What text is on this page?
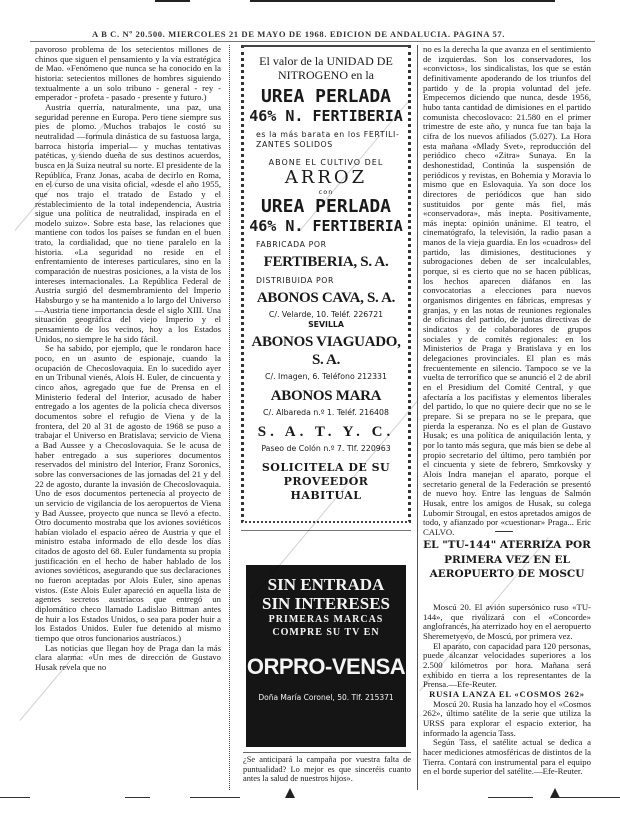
A B C. Nº 20.500. MIERCOLES 21 DE MAYO DE 1968. EDICION DE ANDALUCIA. PAGINA 57.

pavoroso problema de los setecientos millones de chinos que siguen el pensamiento y la vía estratégica de Mao. «Fenómeno que nunca se ha conocido en la historia: setecientos millones de hombres siguiendo textualmente a un solo tribuno - general - rey - emperador - profeta - pasado - presente y futuro.)

Austria querría, naturalmente, una paz, una seguridad perenne en Europa. Pero tiene siempre sus pies de plomo. Muchos trabajos le costó su neutralidad —formula dinástica de su fastuosa larga, barroca historia imperial— y muchas tentativas patéticas, y siendo dueña de sus destinos acuerdos, busca en la Suiza neutral su norte. El presidente de la República, Franz Jonas, acaba de decirlo en Roma, en el curso de una visita oficial, «desde el año 1955, que nos trajo el tratado de Estado y el restablecimiento de la total independencia, Austria sigue una política de neutralidad, inspirada en el modelo suizo». Sobre esta base, las relaciones que mantiene con todos los países se fundan en el buen trato, la cordialidad, que no tiene paralelo en la historia. «La seguridad no reside en el enfrentamiento de intereses particulares, sino en la comparación de nuestras posiciones, a la vista de los intereses internacionales. La República Federal de Austria surgió del desmembramiento del Imperio Habsburgo y se ha mantenido a lo largo del Universo —Austria tiene importancia desde el siglo XIII. Una situación geográfica del viejo Imperio y el pensamiento de los vecinos, hoy a los Estados Unidos, no siempre le ha sido fácil.

Se ha sabido, por ejemplo, que le rondaron hace poco, en un asunto de espionaje, cuando la ocupación de Checoslovaquia. En lo sucedido ayer en un Tribunal vienés, Alois H. Euler, de cincuenta y cinco años, agregado que fue de Prensa en el Ministerio federal del Interior, acusado de haber entregado a los agentes de la policía checa diversos documentos sobre el refugio de Viena y de la frontera, del 20 al 31 de agosto de 1968 se puso a trabajar el Universo en Bratislava; servicio de Viena a Bad Aussee y a Checoslovaquia. Se le acusa de haber entregado a sus superiores documentos reservados del ministro del Interior, Franz Soronics, sobre las conversaciones de las jornadas del 21 y del 22 de agosto, durante la invasión de Checoslovaquia. Uno de esos documentos pertenecía al proyecto de un servicio de vigilancia de los aeropuertos de Viena y Bad Aussee, proyecto que nunca se llevó a efecto. Otro documento mostraba que los aviones soviéticos habían violado el espacio aéreo de Austria y que el ministro estaba informado de ello desde los días citados de agosto del 68. Euler fundamenta su propia justificación en el hecho de haber hablado de los aviones soviéticos, asegurando que sus declaraciones no fueron aceptadas por Alois Euler, sino apenas vistos. (Este Alois Euler apareció en aquella lista de agentes secretos austríacos que entregó un diplomático checo llamado Ladislao Bittman antes de huir a los Estados Unidos, o sea para poder huir a los Estados Unidos. Euler fue detenido al mismo tiempo que otros funcionarios austríacos.)

Las noticias que llegan hoy de Praga dan la más clara alarma: «Un mes de dirección de Gustavo Husak revela que no

El valor de la UNIDAD DE
NITROGENO en la
UREA PERLADA
46% N. FERTIBERIA
es la más barata en los FERTILI-
ZANTES SOLIDOS
ABONE EL CULTIVO DEL
ARROZ
con
UREA PERLADA
46% N. FERTIBERIA
FABRICADA POR
FERTIBERIA, S. A.
DISTRIBUIDA POR
ABONOS CAVA, S. A.
C/. Velarde, 10. Teléf. 226721
SEVILLA
ABONOS VIAGUADO, S. A.
C/. Imagen, 6. Teléfono 212331
ABONOS MARA
C/. Albareda n.º 1. Teléf. 216408
S. A. T. Y. C.
Paseo de Colón n.º 7. Tlf. 220963
SOLICITELA DE SU PROVEEDOR HABITUAL
SIN ENTRADA
SIN INTERESES
PRIMERAS MARCAS
COMPRE SU TV EN
ORPRO-VENSA
Doña María Coronel, 50. Tlf. 215371
¿Se anticipará la campaña por vuestra falta de puntualidad? Lo mejor es que sinceréis cuanto antes la salud de nuestros hijos».

no es la derecha la que avanza en el sentimiento de izquierdas. Son los conservadores, los «convictos», los sindicalistas, los que se están definitivamente apoderando de los triunfos del partido y de la propia voluntad del jefe. Empecemos diciendo que nunca, desde 1956, hubo tanta cantidad de dimisiones en el partido comunista checoslovaco: 21.580 en el primer trimestre de este año, y nunca fue tan baja la cifra de los nuevos afiliados (5.027). La Hora esta mañana «Mlady Svet», reproducción del periódico checo «Zitra» Sunaya. En la deshonestidad, Continúa la suspensión de periódicos y revistas, en Bohemia y Moravia lo mismo que en Eslovaquia. Ya son doce los directores de periódicos que han sido sustituidos por gente más fiel, más «conservadora», más inepta. Positivamente, más inepta: opinión unánime. El teatro, el cinematógrafo, la televisión, la radio pasan a manos de la vieja guardia. En los «cuadros» del partido, las dimisiones, destituciones y subrogaciones deben de ser incalculables, porque, si es cierto que no se hacen públicas, los hechos aparecen diáfanos en las convocatorias a elecciones para nuevos organismos dirigentes en fábricas, empresas y granjas, y en las notas de reuniones regionales de oficinas del partido, de juntas directivas de sindicatos y de colaboradores de grupos sociales y de comités regionales: en los Ministerios de Praga y Bratislava y en los delegaciones provinciales. El plan es más frecuentemente en silencio. Tampoco se ve la vuelta de terrorífico que se anunció el 2 de abril en el Presidium del Comité Central, y que afectaría a los pacifistas y elementos liberales del partido, lo que no quiere decir que no se le prepare. Si se prepara no se le prepara, que pierda la esperanza. No es el plan de Gustavo Husak; es una política de aniquilación lenta, y por lo tanto más segura, que más bien se debe al propio secretario del último, pero también por el cincuenta y siete de febrero, Smrkovsky y Alois Indra manejan el aparato, porque el secretario general de la Federación se presentó de nuevo hoy. Entre las lenguas de Salmón Husak, entre los amigos de Husak, su colega Lubomir Strougal, en estos apretados amigos de todo, y afianzado por «cuestionar» Praga... Eric CALVO.

EL "TU-144" ATERRIZA POR PRIMERA VEZ EN EL AEROPUERTO DE MOSCU

Moscú 20. El avión supersónico ruso «TU-144», que rivalizará con el «Concorde» anglofrancés, ha aterrizado hoy en el aeropuerto Sheremetyevo, de Moscú, por primera vez.

El aparato, con capacidad para 120 personas, puede alcanzar velocidades superiores a los 2.500 kilómetros por hora. Mañana será exhibido en tierra a los representantes de la Prensa.—Efe-Reuter.

RUSIA LANZA EL «COSMOS 262»

Moscú 20. Rusia ha lanzado hoy el «Cosmos 262», último satélite de la serie que utiliza la URSS para explorar el espacio exterior, ha informado la agencia Tass.

Según Tass, el satélite actual se dedica a hacer mediciones atmosféricas de distintos de la Tierra. Contará con instrumental para el equipo en el borde superior del satélite.—Efe-Reuter.
